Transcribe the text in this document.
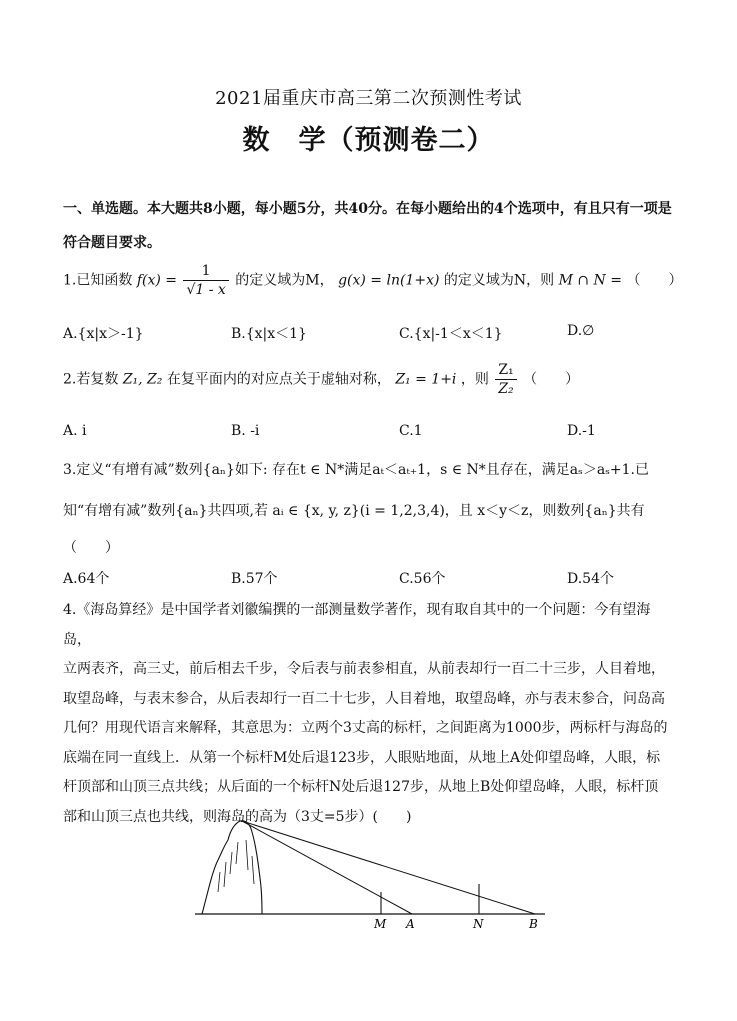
2021届重庆市高三第二次预测性考试
数　学（预测卷二）
一、单选题。本大题共8小题，每小题5分，共40分。在每小题给出的4个选项中，有且只有一项是符合题目要求。
1.已知函数 $f(x) = \frac{1}{√1 - x}$ 的定义域为M， g(x) = ln(1+x) 的定义域为N，则 M ∩ N = （　　）
A.{x|x＞-1}	B.{x|x＜1}	C.{x|-1＜x＜1}	D.∅
2.若复数 Z₁, Z₂ 在复平面内的对应点关于虚轴对称， Z₁ = 1+i ，则 $\frac{\text{Z₁}}{\text{Z₂}}$ （　　）
A. i	B. -i	C.1	D.-1
3.定义“有增有减”数列{aₙ}如下: 存在t ∈ N*满足aₜ＜aₜ₊1，s ∈ N*且存在，满足aₛ＞aₛ+1.已
知“有增有减”数列{aₙ}共四项,若 aᵢ ∈ {x, y, z}(i = 1,2,3,4)，且 x＜y＜z，则数列{aₙ}共有
（　　）
A.64个	B.57个	C.56个	D.54个
4.《海岛算经》是中国学者刘徽编撰的一部测量数学著作，现有取自其中的一个问题：今有望海岛，
立两表齐，高三丈，前后相去千步，令后表与前表参相直，从前表却行一百二十三步，人目着地，
取望岛峰，与表末参合，从后表却行一百二十七步，人目着地，取望岛峰，亦与表末参合，问岛高
几何？用现代语言来解释，其意思为：立两个3丈高的标杆，之间距离为1000步，两标杆与海岛的
底端在同一直线上．从第一个标杆M处后退123步，人眼贴地面，从地上A处仰望岛峰，人眼，标
杆顶部和山顶三点共线；从后面的一个标杆N处后退127步，从地上B处仰望岛峰，人眼，标杆顶
部和山顶三点也共线，则海岛的高为（3丈=5步）(　　)
M A	N	B
